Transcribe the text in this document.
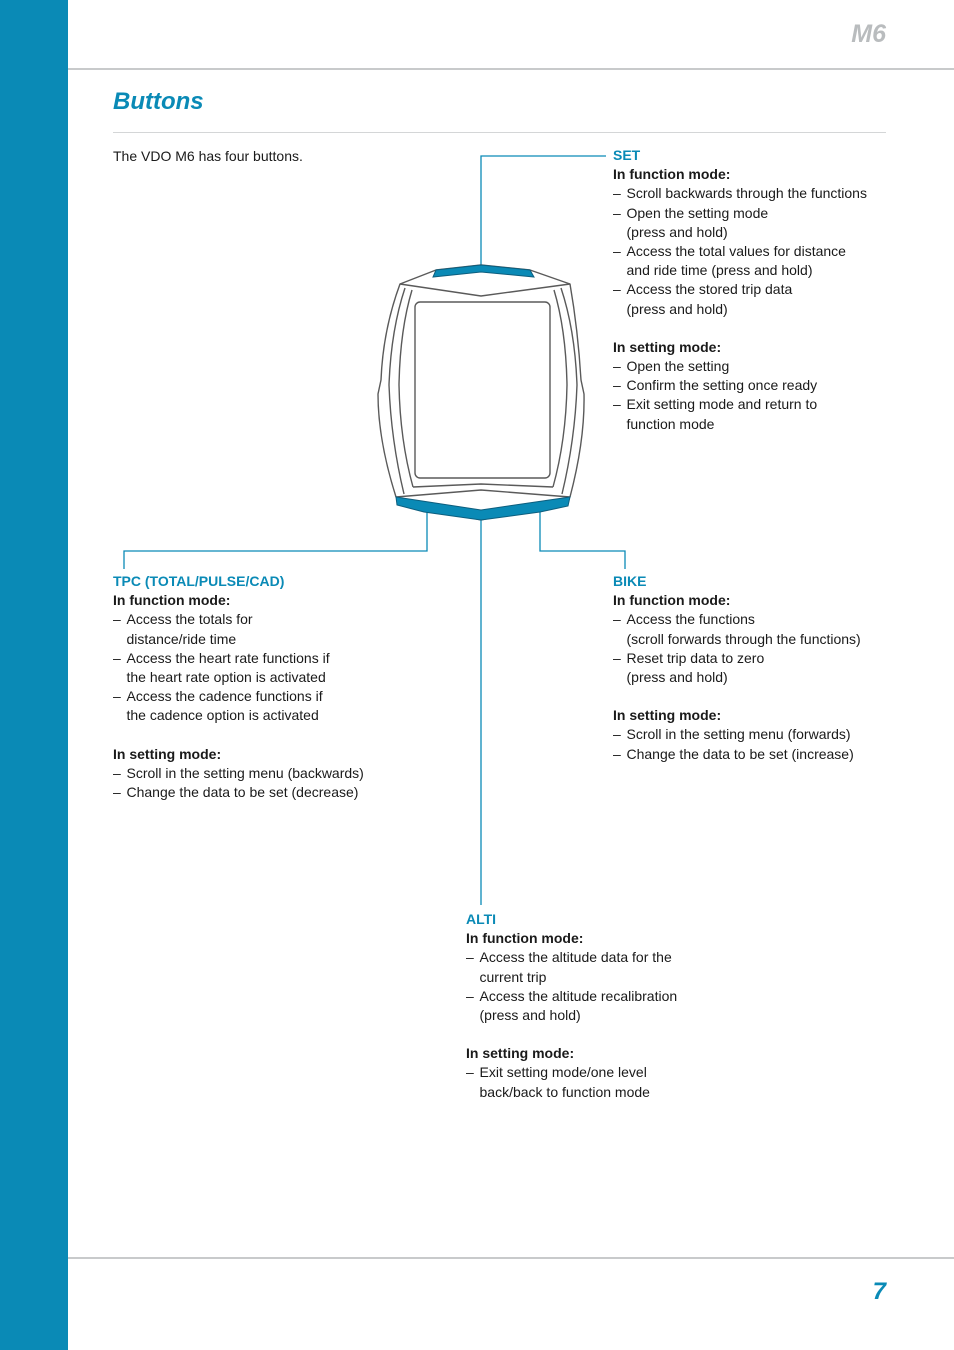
M6
Buttons
The VDO M6 has four buttons.	SET
In function mode:
– Scroll backwards through the functions
– Open the setting mode
(press and hold)
– Access the total values for distance
and ride time (press and hold)
– Access the stored trip data
(press and hold)
In setting mode:
– Open the setting
– Confirm the setting once ready
– Exit setting mode and return to
function mode
TPC (TOTAL/PULSE/CAD)
In function mode:
– Access the totals for
distance/ride time
– Access the heart rate functions if
the heart rate option is activated
– Access the cadence functions if
the cadence option is activated
In setting mode:
– Scroll in the setting menu (backwards)
– Change the data to be set (decrease)
BIKE
In function mode:
– Access the functions
(scroll forwards through the functions)
– Reset trip data to zero
(press and hold)
In setting mode:
– Scroll in the setting menu (forwards)
– Change the data to be set (increase)
ALTI
In function mode:
– Access the altitude data for the
current trip
– Access the altitude recalibration
(press and hold)
In setting mode:
– Exit setting mode/one level
back/back to function mode
7
